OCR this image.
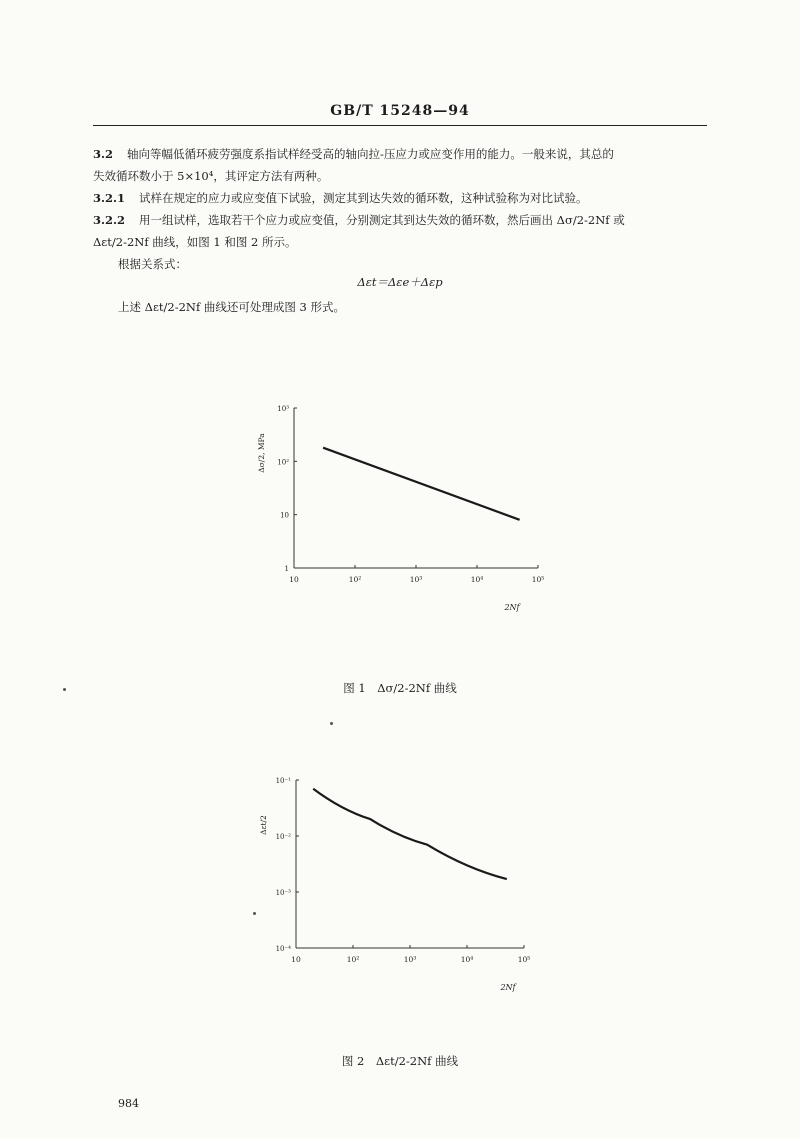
GB/T 15248—94
3.2 轴向等幅低循环疲劳强度系指试样经受高的轴向拉-压应力或应变作用的能力。一般来说，其总的
失效循环数小于 5×10⁴，其评定方法有两种。
3.2.1 试样在规定的应力或应变值下试验，测定其到达失效的循环数，这种试验称为对比试验。
3.2.2 用一组试样，选取若干个应力或应变值，分别测定其到达失效的循环数，然后画出 Δσ/2-2Nf 或
Δεt/2-2Nf 曲线，如图 1 和图 2 所示。
根据关系式：
Δεt＝Δεe＋Δεp
上述 Δεt/2-2Nf 曲线还可处理成图 3 形式。
10	10²	10³	10⁴	10⁵
1
10
10²
10³
Δσ/2, MPa
2Nf
图 1　Δσ/2-2Nf 曲线
10	10²	10³	10⁴	10⁵
10⁻⁴
10⁻³
10⁻²
10⁻¹
Δεt/2
2Nf
图 2　Δεt/2-2Nf 曲线
984
